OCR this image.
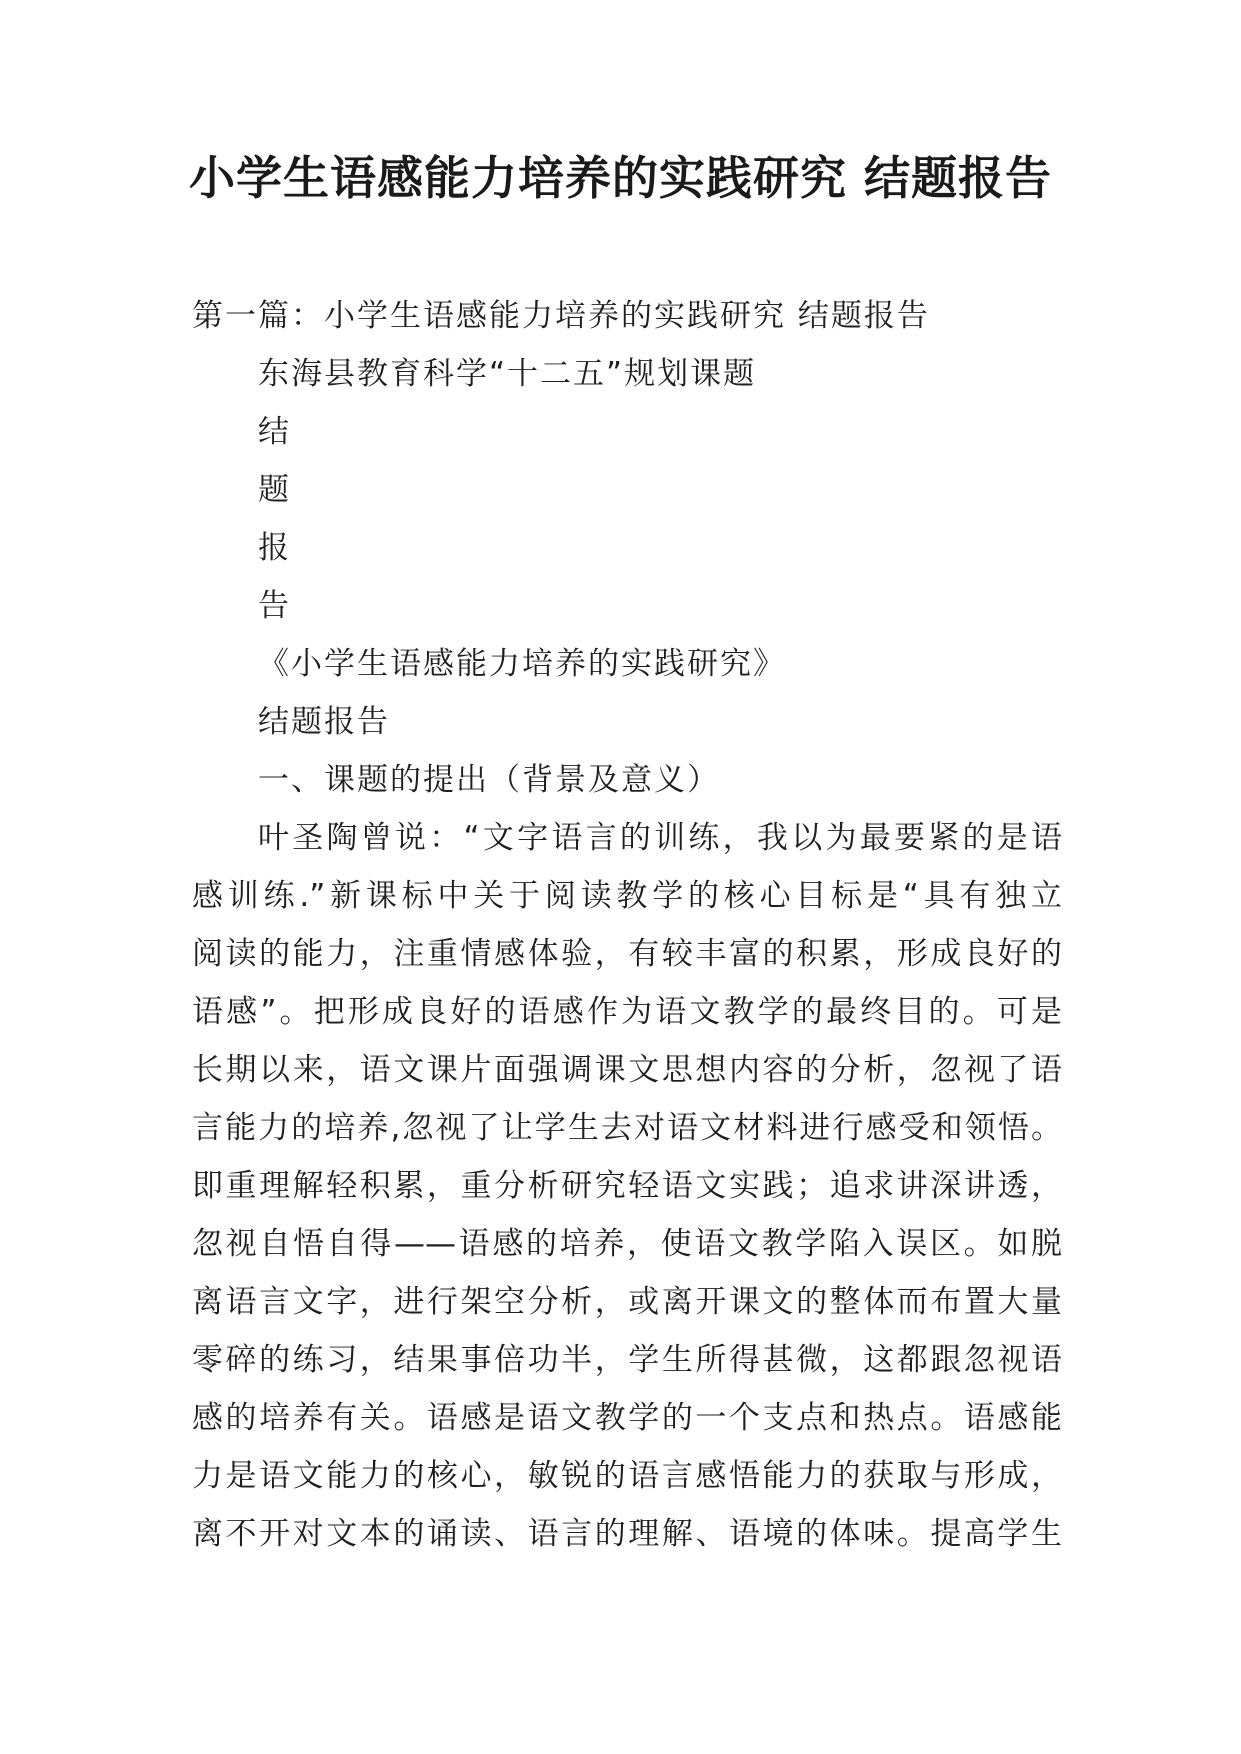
小学生语感能力培养的实践研究 结题报告

第一篇：小学生语感能力培养的实践研究 结题报告

东海县教育科学“十二五”规划课题

结

题

报

告

《小学生语感能力培养的实践研究》

结题报告

一、课题的提出（背景及意义）

叶圣陶曾说：“文字语言的训练，我以为最要紧的是语
感训练.”新课标中关于阅读教学的核心目标是“具有独立
阅读的能力，注重情感体验，有较丰富的积累，形成良好的
语感”。把形成良好的语感作为语文教学的最终目的。可是
长期以来，语文课片面强调课文思想内容的分析，忽视了语
言能力的培养,忽视了让学生去对语文材料进行感受和领悟。
即重理解轻积累，重分析研究轻语文实践；追求讲深讲透，
忽视自悟自得——语感的培养，使语文教学陷入误区。如脱
离语言文字，进行架空分析，或离开课文的整体而布置大量
零碎的练习，结果事倍功半，学生所得甚微，这都跟忽视语
感的培养有关。语感是语文教学的一个支点和热点。语感能
力是语文能力的核心，敏锐的语言感悟能力的获取与形成，
离不开对文本的诵读、语言的理解、语境的体味。提高学生
